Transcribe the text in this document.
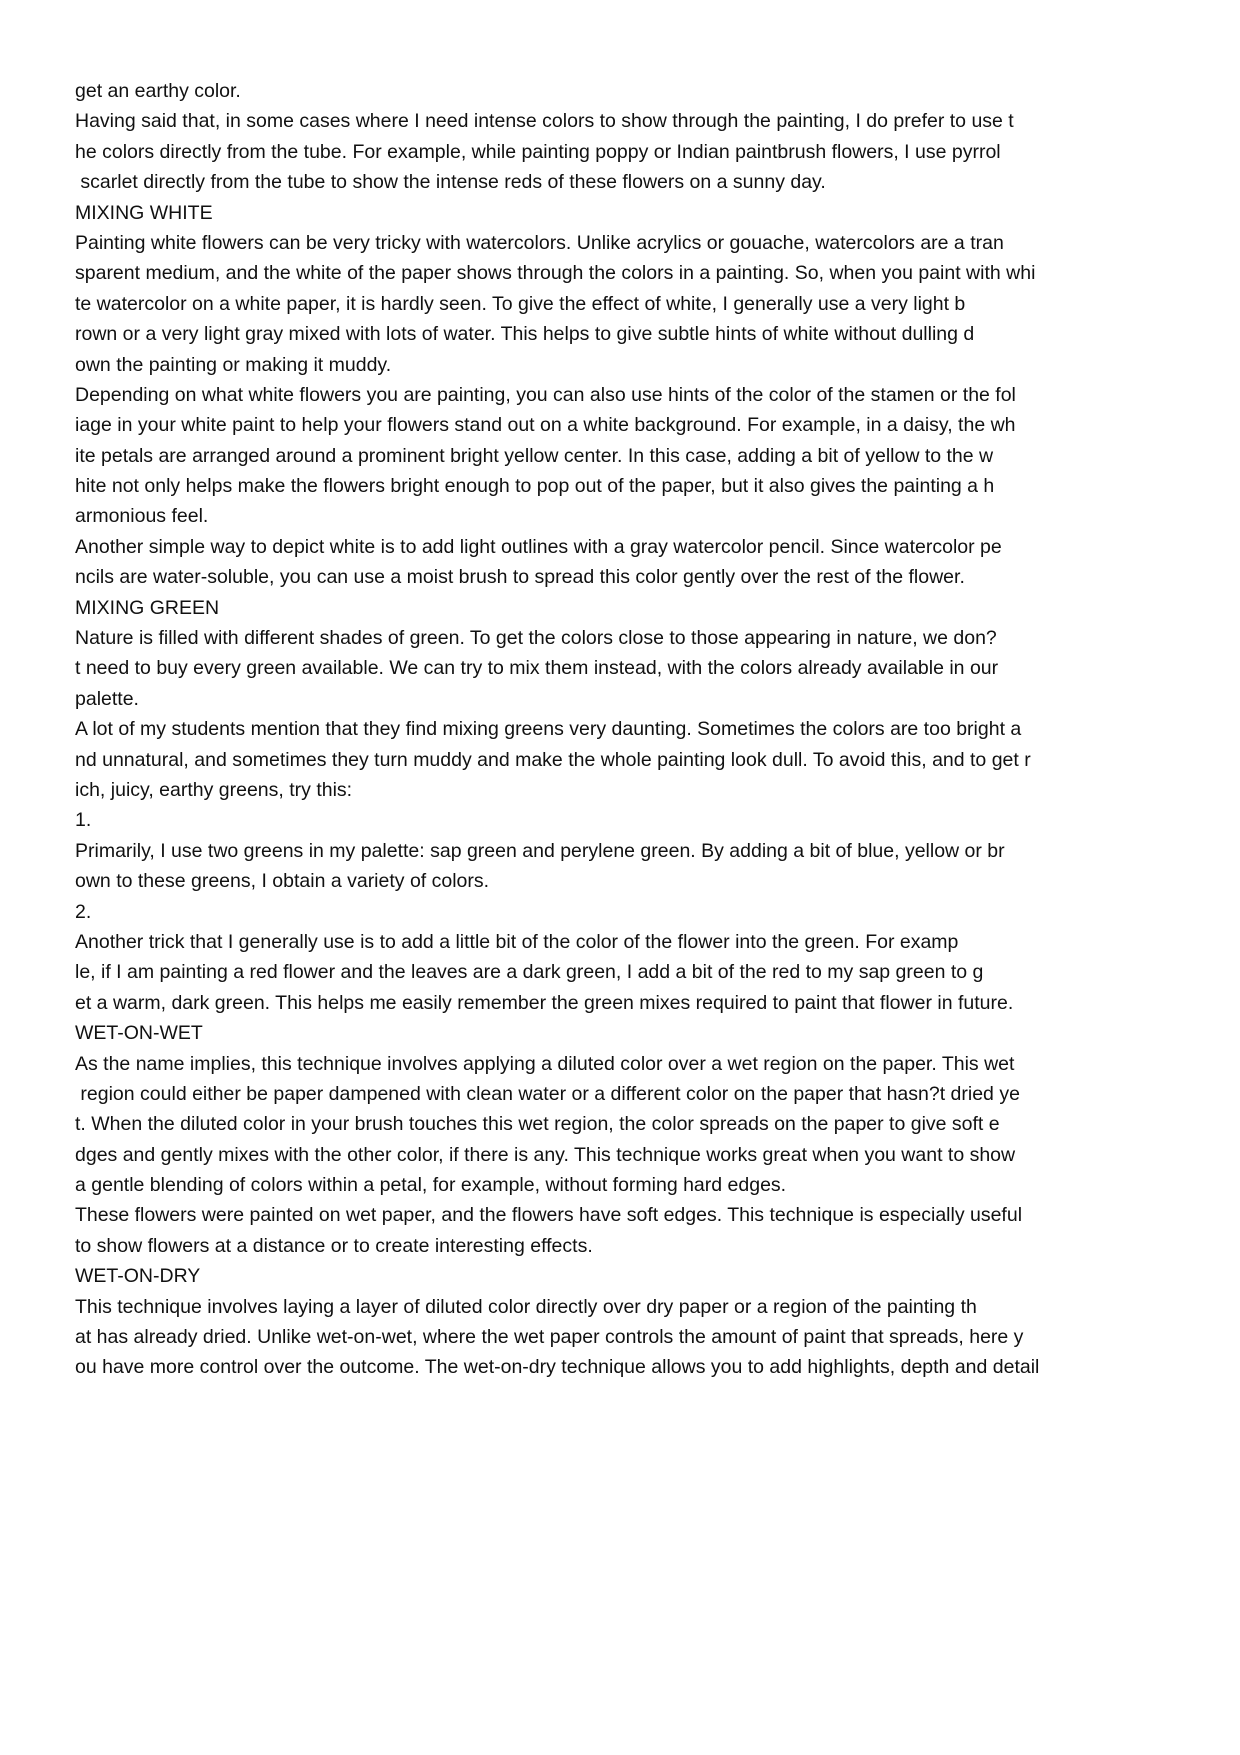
get an earthy color.
Having said that, in some cases where I need intense colors to show through the painting, I do prefer to use t
he colors directly from the tube. For example, while painting poppy or Indian paintbrush flowers, I use pyrrol
scarlet directly from the tube to show the intense reds of these flowers on a sunny day.
MIXING WHITE
Painting white flowers can be very tricky with watercolors. Unlike acrylics or gouache, watercolors are a tran
sparent medium, and the white of the paper shows through the colors in a painting. So, when you paint with whi
te watercolor on a white paper, it is hardly seen. To give the effect of white, I generally use a very light b
rown or a very light gray mixed with lots of water. This helps to give subtle hints of white without dulling d
own the painting or making it muddy.
Depending on what white flowers you are painting, you can also use hints of the color of the stamen or the fol
iage in your white paint to help your flowers stand out on a white background. For example, in a daisy, the wh
ite petals are arranged around a prominent bright yellow center. In this case, adding a bit of yellow to the w
hite not only helps make the flowers bright enough to pop out of the paper, but it also gives the painting a h
armonious feel.
Another simple way to depict white is to add light outlines with a gray watercolor pencil. Since watercolor pe
ncils are water-soluble, you can use a moist brush to spread this color gently over the rest of the flower.
MIXING GREEN
Nature is filled with different shades of green. To get the colors close to those appearing in nature, we don?
t need to buy every green available. We can try to mix them instead, with the colors already available in our
palette.
A lot of my students mention that they find mixing greens very daunting. Sometimes the colors are too bright a
nd unnatural, and sometimes they turn muddy and make the whole painting look dull. To avoid this, and to get r
ich, juicy, earthy greens, try this:
1.
Primarily, I use two greens in my palette: sap green and perylene green. By adding a bit of blue, yellow or br
own to these greens, I obtain a variety of colors.
2.
Another trick that I generally use is to add a little bit of the color of the flower into the green. For examp
le, if I am painting a red flower and the leaves are a dark green, I add a bit of the red to my sap green to g
et a warm, dark green. This helps me easily remember the green mixes required to paint that flower in future.
WET-ON-WET
As the name implies, this technique involves applying a diluted color over a wet region on the paper. This wet
region could either be paper dampened with clean water or a different color on the paper that hasn?t dried ye
t. When the diluted color in your brush touches this wet region, the color spreads on the paper to give soft e
dges and gently mixes with the other color, if there is any. This technique works great when you want to show
a gentle blending of colors within a petal, for example, without forming hard edges.
These flowers were painted on wet paper, and the flowers have soft edges. This technique is especially useful
to show flowers at a distance or to create interesting effects.
WET-ON-DRY
This technique involves laying a layer of diluted color directly over dry paper or a region of the painting th
at has already dried. Unlike wet-on-wet, where the wet paper controls the amount of paint that spreads, here y
ou have more control over the outcome. The wet-on-dry technique allows you to add highlights, depth and detail
